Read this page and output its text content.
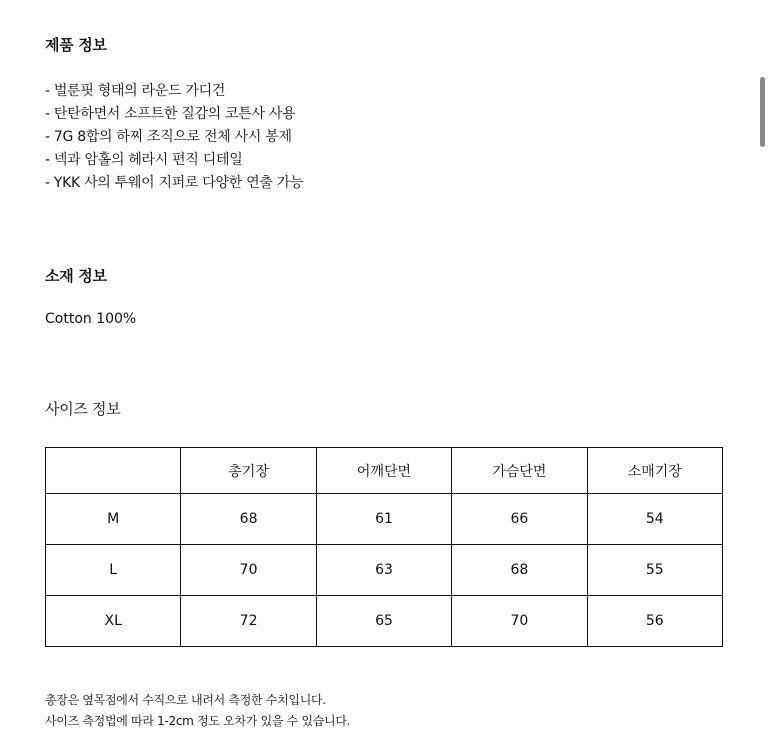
제품 정보
- 벌룬핏 형태의 라운드 가디건
- 탄탄하면서 소프트한 질감의 코튼사 사용
- 7G 8합의 하찌 조직으로 전체 사시 봉제
- 넥과 암홀의 헤라시 편직 디테일
- YKK 사의 투웨이 지퍼로 다양한 연출 가능
소재 정보
Cotton 100%
사이즈 정보
	총기장	어깨단면	가슴단면	소매기장
M	68	61	66	54
L	70	63	68	55
XL	72	65	70	56
총장은 옆목점에서 수직으로 내려서 측정한 수치입니다.
사이즈 측정법에 따라 1-2cm 정도 오차가 있을 수 있습니다.
